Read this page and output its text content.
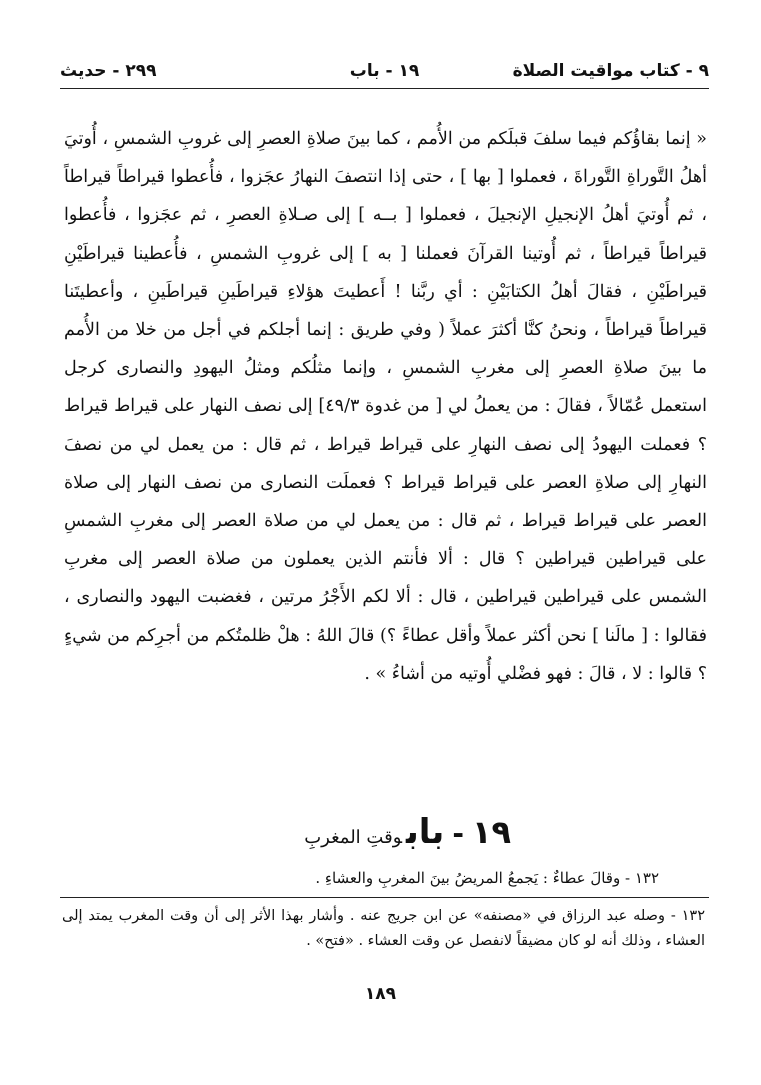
٩ - كتاب مواقيت الصلاة
١٩ - باب
٢٩٩ - حديث

« إنما بقاؤُكم فيما سلفَ قبلَكم من الأُمم ، كما بينَ صلاةِ العصرِ إلى غروبِ الشمسِ ، أُوتيَ أهلُ التَّوراةِ التَّوراةَ ، فعملوا [ بها ] ، حتى إذا انتصفَ النهارُ عجَزوا ، فأُعطوا قيراطاً قيراطاً ، ثم أُوتيَ أهلُ الإنجيلِ الإنجيلَ ، فعملوا [ بــه ] إلى صـلاةِ العصرِ ، ثم عجَزوا ، فأُعطوا قيراطاً قيراطاً ، ثم أُوتينا القرآنَ فعملنا [ به ] إلى غروبِ الشمسِ ، فأُعطينا قيراطَيْنِ قيراطَيْنِ ، فقالَ أهلُ الكتابَيْنِ : أي ربَّنا ! أَعطيتَ هؤلاءِ قيراطَينِ قيراطَينِ ، وأعطيتَنا قيراطاً قيراطاً ، ونحنُ كنَّا أكثرَ عملاً ( وفي طريق : إنما أجلكم في أجل من خلا من الأُمم ما بينَ صلاةِ العصرِ إلى مغربِ الشمسِ ، وإنما مثلُكم ومثلُ اليهودِ والنصارى كرجل استعمل عُمّالاً ، فقالَ : من يعملُ لي [ من غدوة ٤٩/٣] إلى نصف النهار على قيراط قيراط ؟ فعملت اليهودُ إلى نصف النهارِ على قيراط قيراط ، ثم قال : من يعمل لي من نصفَ النهارِ إلى صلاةِ العصر على قيراط قيراط ؟ فعملَت النصارى من نصف النهار إلى صلاة العصر على قيراط قيراط ، ثم قال : من يعمل لي من صلاة العصر إلى مغربِ الشمسِ على قيراطين قيراطين ؟ قال : ألا فأنتم الذين يعملون من صلاة العصر إلى مغربِ الشمس على قيراطين قيراطين ، قال : ألا لكم الأَجْرُ مرتين ، فغضبت اليهود والنصارى ، فقالوا : [ مالَنا ] نحن أكثر عملاً وأقل عطاءً ؟) قالَ اللهُ : هلْ ظلمتُكم من أجرِكم من شيءٍ ؟ قالوا : لا ، قالَ : فهو فضْلي أُوتيه من أشاءُ » .

١٩-بابوقتِ المغربِ
١٣٢ - وقالَ عطاءٌ : يَجمعُ المريضُ بينَ المغربِ والعشاءِ .

١٣٢ - وصله عبد الرزاق في «مصنفه» عن ابن جريج عنه . وأشار بهذا الأثر إلى أن وقت المغرب يمتد إلى العشاء ، وذلك أنه لو كان مضيقاً لانفصل عن وقت العشاء . «فتح» .

١٨٩
